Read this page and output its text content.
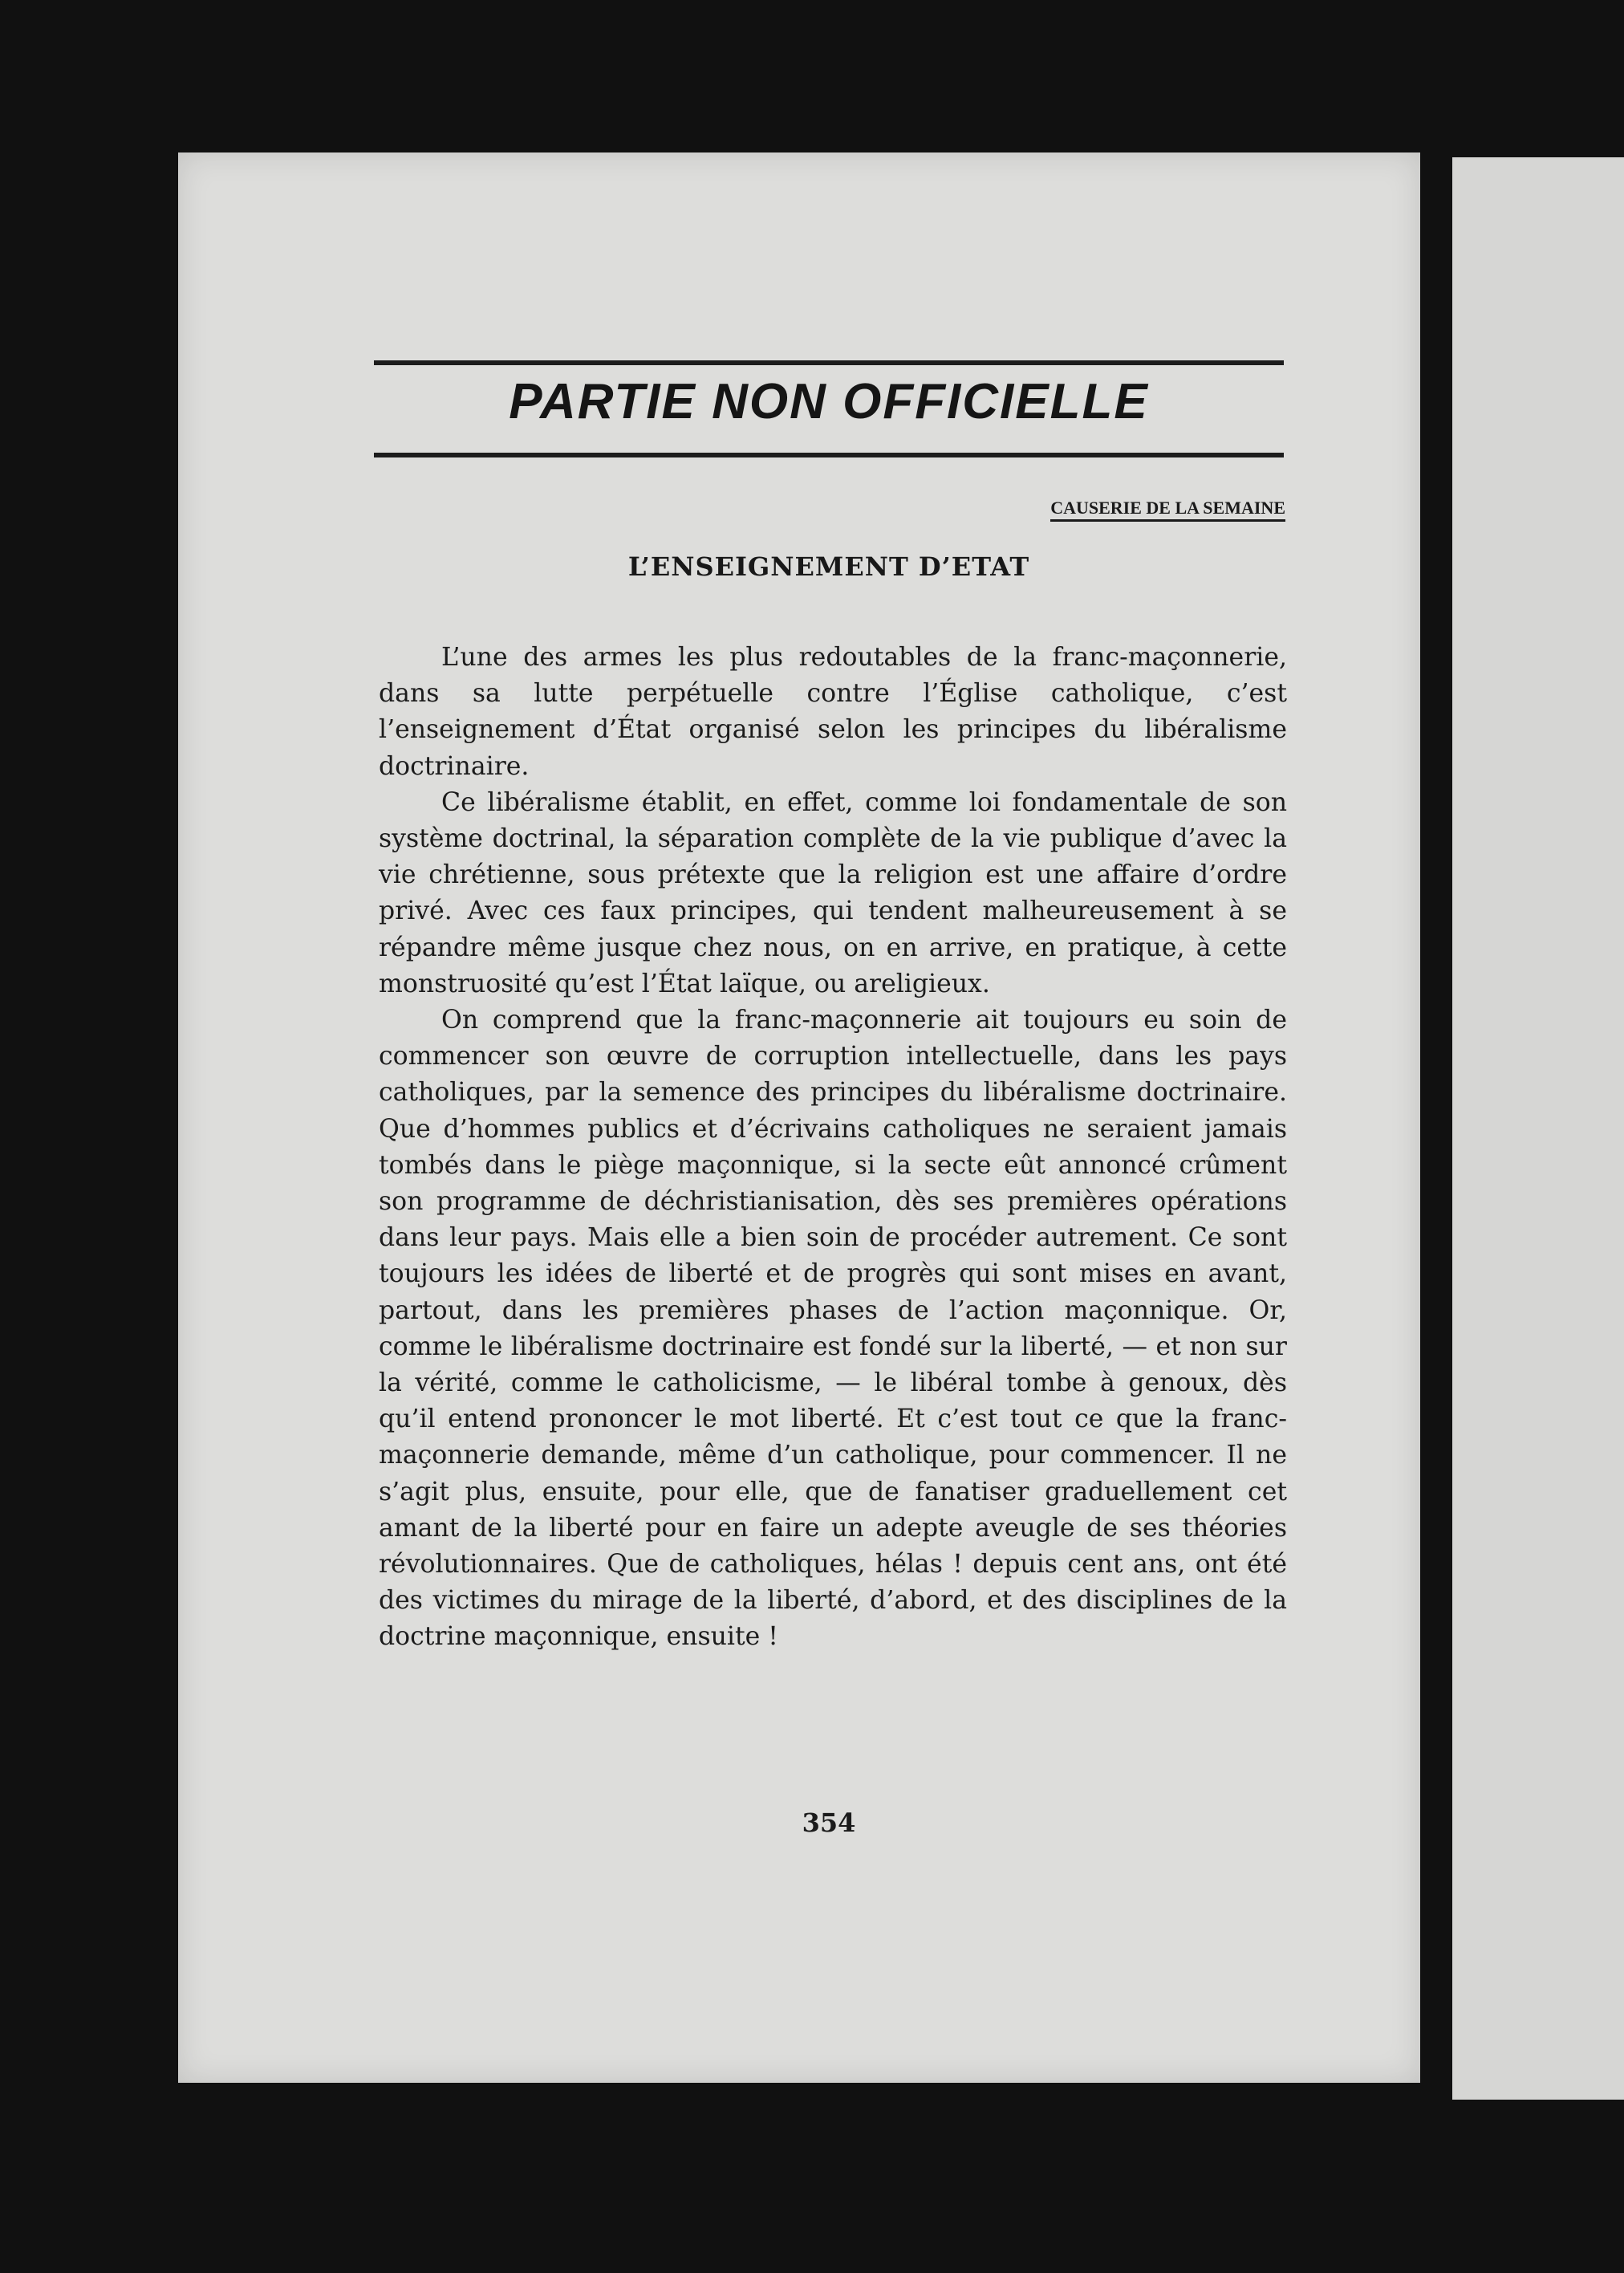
PARTIE NON OFFICIELLE
CAUSERIE DE LA SEMAINE
L’ENSEIGNEMENT D’ETAT

L’une des armes les plus redoutables de la franc-maçonnerie, dans sa lutte perpétuelle contre l’Église catholique, c’est l’enseignement d’État organisé selon les principes du libéralisme doctrinaire.

Ce libéralisme établit, en effet, comme loi fondamentale de son système doctrinal, la séparation complète de la vie publique d’avec la vie chrétienne, sous prétexte que la religion est une affaire d’ordre privé. Avec ces faux principes, qui tendent malheureusement à se répandre même jusque chez nous, on en arrive, en pratique, à cette monstruosité qu’est l’État laïque, ou areligieux.

On comprend que la franc-maçonnerie ait toujours eu soin de commencer son œuvre de corruption intellectuelle, dans les pays catholiques, par la semence des principes du libéralisme doctrinaire. Que d’hommes publics et d’écrivains catholiques ne seraient jamais tombés dans le piège maçonnique, si la secte eût annoncé crûment son programme de déchristianisation, dès ses premières opérations dans leur pays. Mais elle a bien soin de procéder autrement. Ce sont toujours les idées de liberté et de progrès qui sont mises en avant, partout, dans les premières phases de l’action maçonnique. Or, comme le libéralisme doctrinaire est fondé sur la liberté, — et non sur la vérité, comme le catholicisme, — le libéral tombe à genoux, dès qu’il entend prononcer le mot liberté. Et c’est tout ce que la franc-maçonnerie demande, même d’un catholique, pour commencer. Il ne s’agit plus, ensuite, pour elle, que de fanatiser graduellement cet amant de la liberté pour en faire un adepte aveugle de ses théories révolutionnaires. Que de catholiques, hélas ! depuis cent ans, ont été des victimes du mirage de la liberté, d’abord, et des disciplines de la doctrine maçonnique, ensuite !

354
